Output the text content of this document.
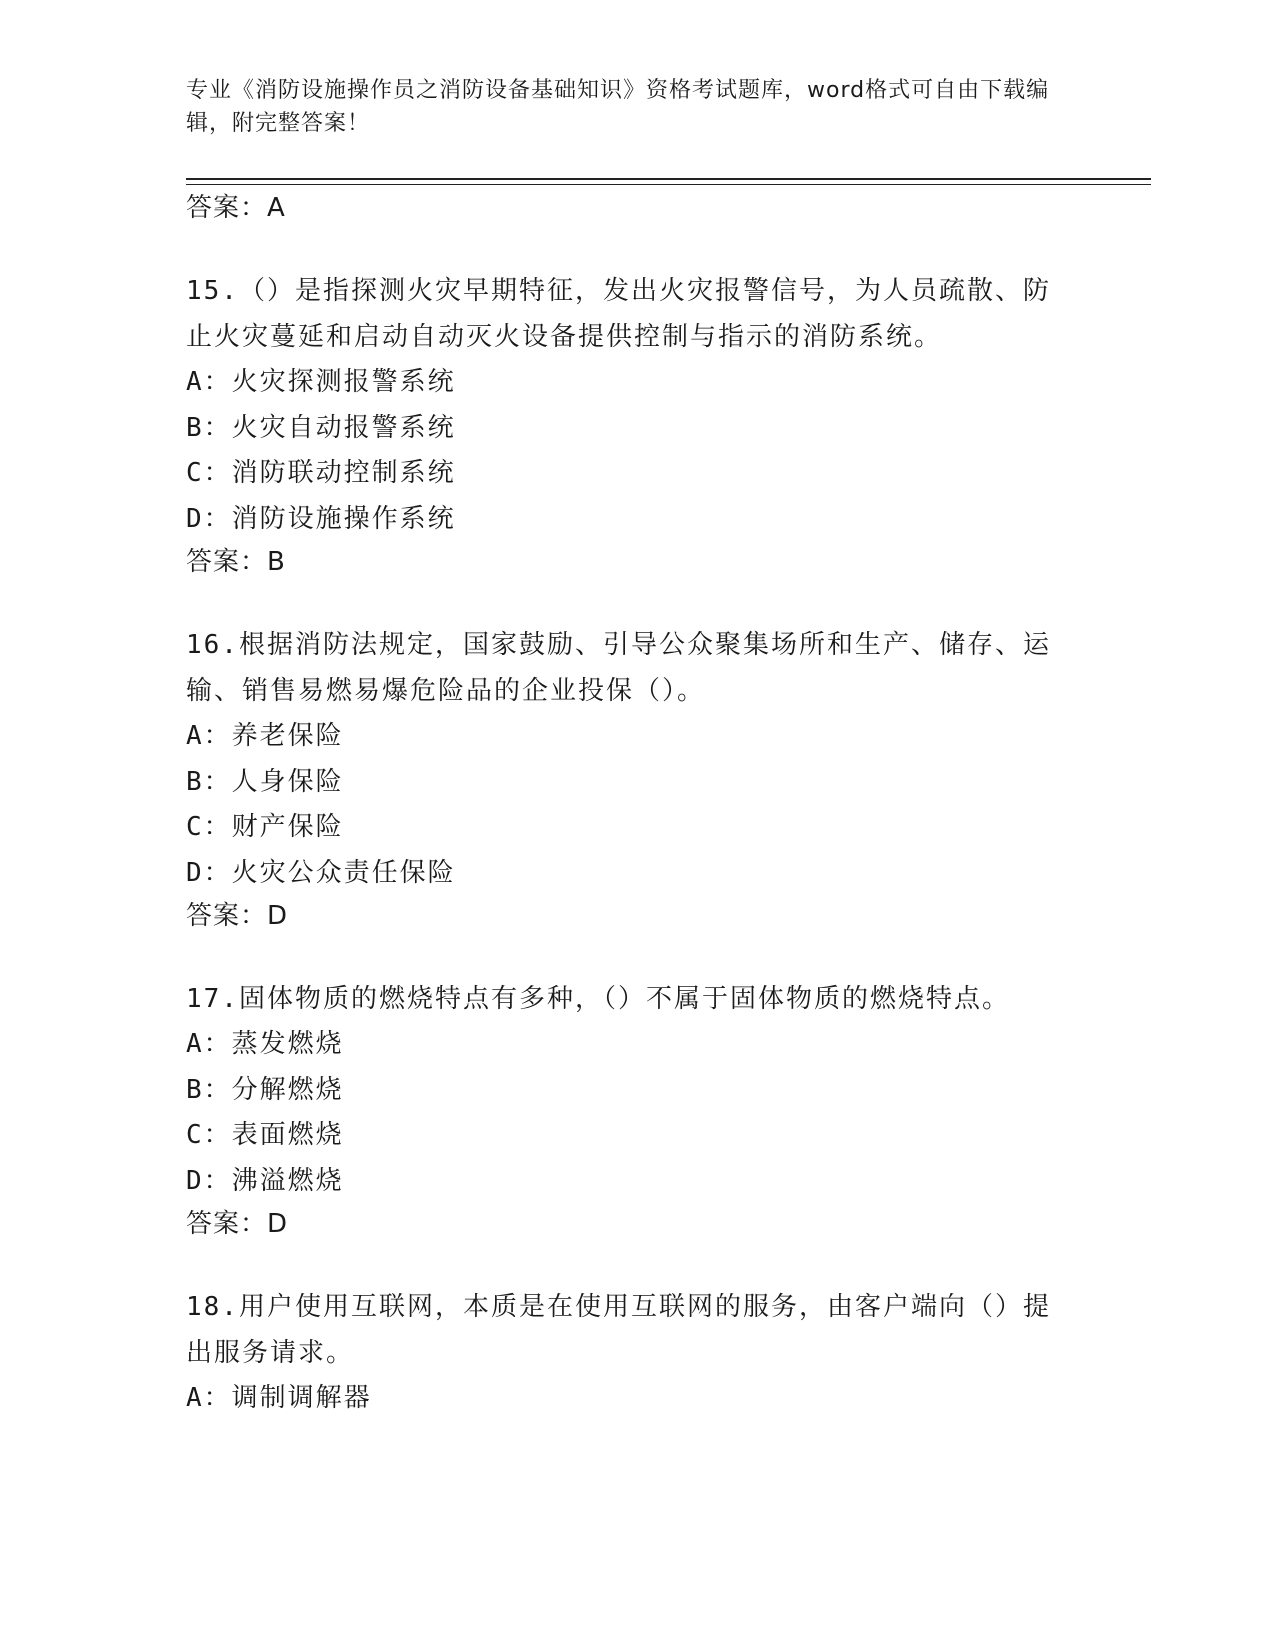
专业《消防设施操作员之消防设备基础知识》资格考试题库，word格式可自由下载编辑，附完整答案！

答案：A

15.（）是指探测火灾早期特征，发出火灾报警信号，为人员疏散、防止火灾蔓延和启动自动灭火设备提供控制与指示的消防系统。

A：火灾探测报警系统

B：火灾自动报警系统

C：消防联动控制系统

D：消防设施操作系统

答案：B

16.根据消防法规定，国家鼓励、引导公众聚集场所和生产、储存、运输、销售易燃易爆危险品的企业投保（）。

A：养老保险

B：人身保险

C：财产保险

D：火灾公众责任保险

答案：D

17.固体物质的燃烧特点有多种，（）不属于固体物质的燃烧特点。

A：蒸发燃烧

B：分解燃烧

C：表面燃烧

D：沸溢燃烧

答案：D

18.用户使用互联网，本质是在使用互联网的服务，由客户端向（）提出服务请求。

A：调制调解器
